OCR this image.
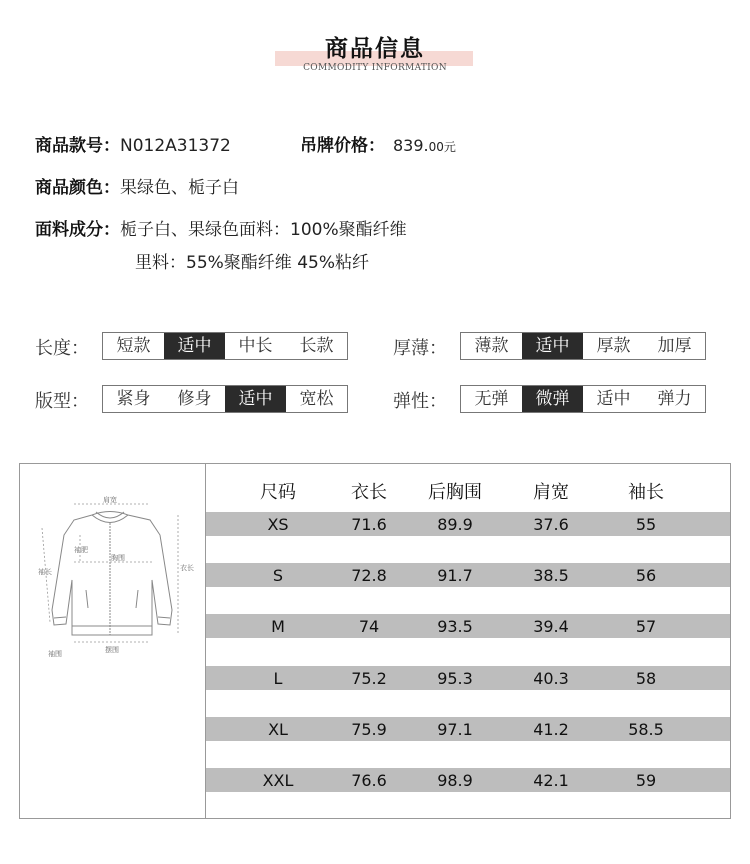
商品信息
COMMODITY INFORMATION
商品款号：N012A31372	吊牌价格： 839.00元
商品颜色：果绿色、栀子白
面料成分：栀子白、果绿色面料：100%聚酯纤维
里料：55%聚酯纤维 45%粘纤
长度：	短款	适中	中长	长款	厚薄：	薄款	适中	厚款	加厚
版型：	紧身	修身	适中	宽松	弹性：	无弹	微弹	适中	弹力
肩宽
胸围
衣长
袖长
袖肥
摆围
袖围
尺码	衣长	后胸围	肩宽	袖长
XS	71.6	89.9	37.6	55
S	72.8	91.7	38.5	56
M	74	93.5	39.4	57
L	75.2	95.3	40.3	58
XL	75.9	97.1	41.2	58.5
XXL	76.6	98.9	42.1	59
